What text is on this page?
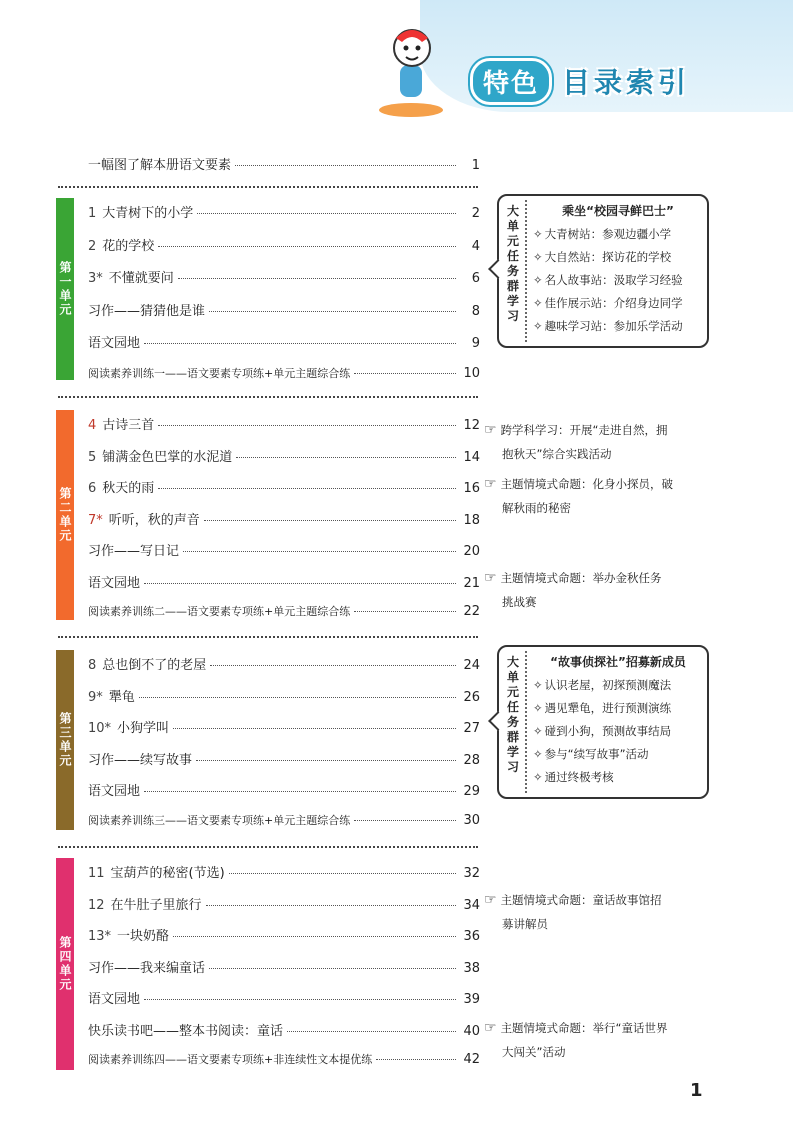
特色 目录索引
一幅图了解本册语文要素	1
第一单元
1 大青树下的小学	2
2 花的学校	4
3* 不懂就要问	6
习作——猜猜他是谁	8
语文园地	9
阅读素养训练一——语文要素专项练+单元主题综合练	10
第二单元
4 古诗三首	12
5 铺满金色巴掌的水泥道	14
6 秋天的雨	16
7* 听听，秋的声音	18
习作——写日记	20
语文园地	21
阅读素养训练二——语文要素专项练+单元主题综合练	22
第三单元
8 总也倒不了的老屋	24
9* 犟龟	26
10* 小狗学叫	27
习作——续写故事	28
语文园地	29
阅读素养训练三——语文要素专项练+单元主题综合练	30
第四单元
11 宝葫芦的秘密(节选)	32
12 在牛肚子里旅行	34
13* 一块奶酪	36
习作——我来编童话	38
语文园地	39
快乐读书吧——整本书阅读：童话	40
阅读素养训练四——语文要素专项练+非连续性文本提优练	42
大单元任务群学习
乘坐“校园寻鲜巴士”
✧ 大青树站：参观边疆小学
✧ 大自然站：探访花的学校
✧ 名人故事站：汲取学习经验
✧ 佳作展示站：介绍身边同学
✧ 趣味学习站：参加乐学活动
大单元任务群学习
“故事侦探社”招募新成员
✧ 认识老屋，初探预测魔法
✧ 遇见犟龟，进行预测演练
✧ 碰到小狗，预测故事结局
✧ 参与“续写故事”活动
✧ 通过终极考核
☞ 跨学科学习：开展“走进自然，拥
抱秋天”综合实践活动
☞ 主题情境式命题：化身小探员，破
解秋雨的秘密
☞ 主题情境式命题：举办金秋任务
挑战赛
☞ 主题情境式命题：童话故事馆招
募讲解员
☞ 主题情境式命题：举行“童话世界
大闯关”活动
1
